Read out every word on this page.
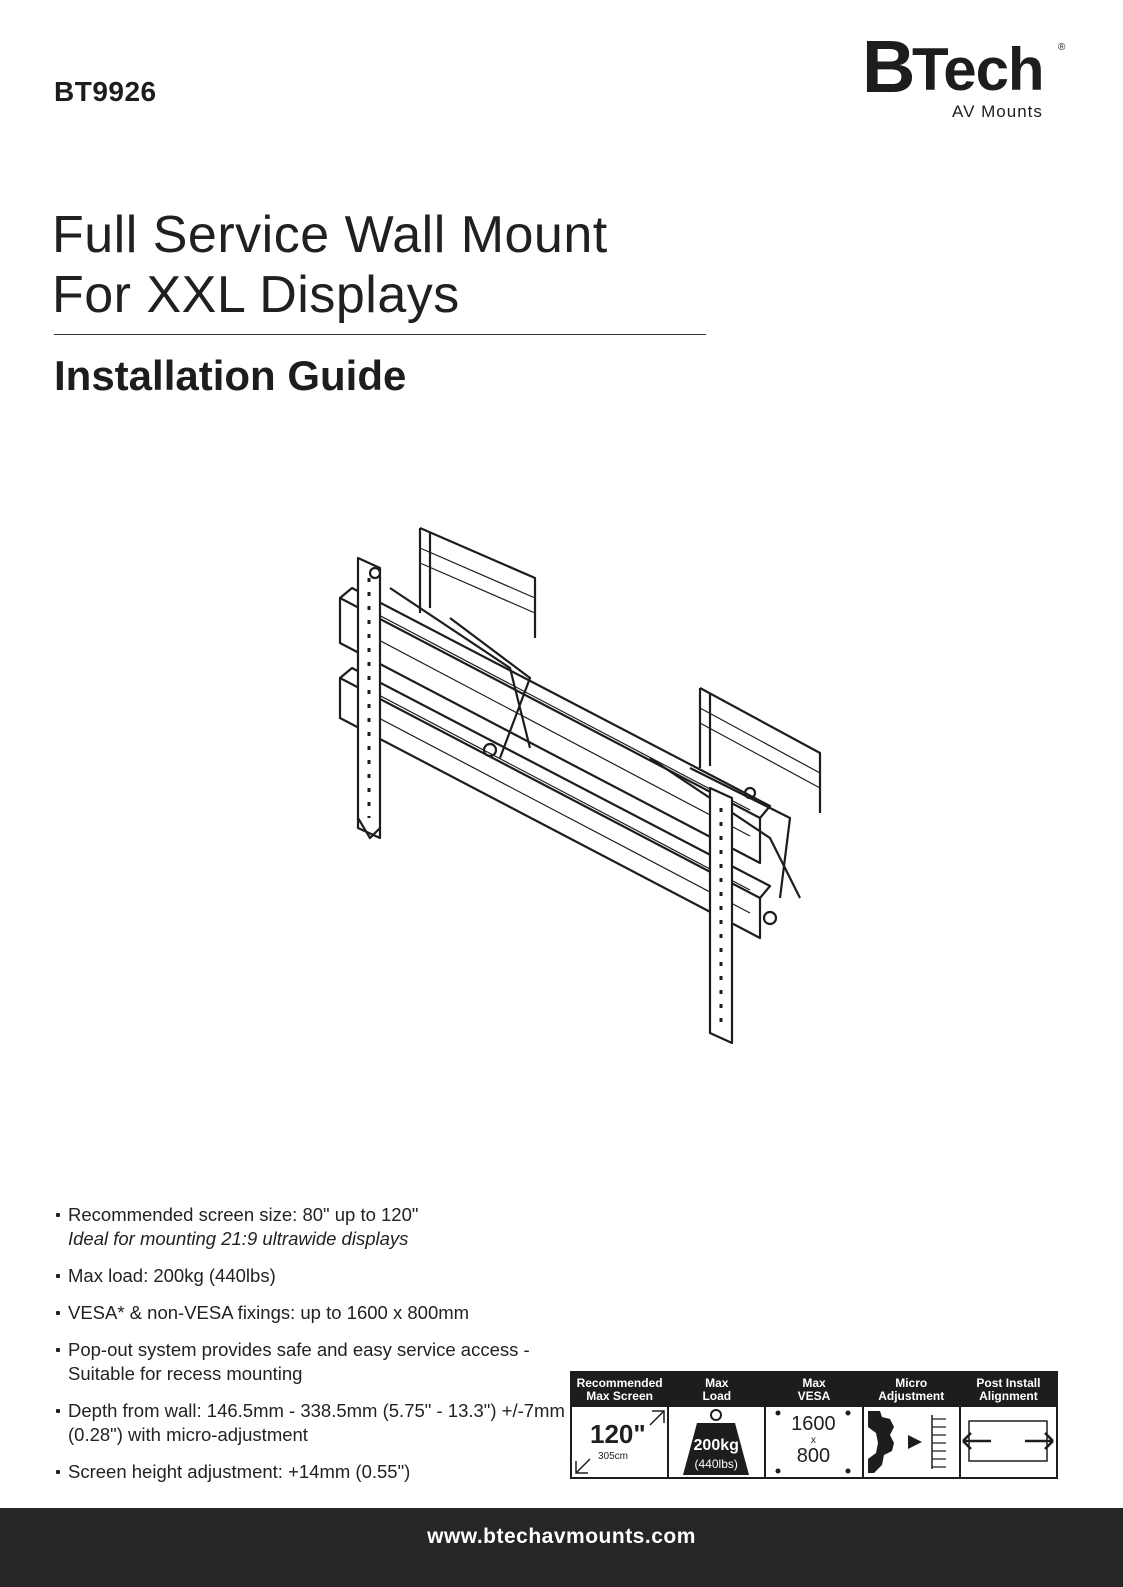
BT9926	B Tech ®
AV Mounts
Full Service Wall Mount
For XXL Displays
Installation Guide
Recommended screen size: 80" up to 120"
Ideal for mounting 21:9 ultrawide displays
Max load: 200kg (440lbs)
VESA* & non-VESA fixings: up to 1600 x 800mm
Pop-out system provides safe and easy service access - Suitable for recess mounting
Depth from wall: 146.5mm - 338.5mm (5.75" - 13.3") +/-7mm (0.28") with micro-adjustment
Screen height adjustment: +14mm (0.55")
Recommended
Max Screen
120"
305cm
Max
Load
200kg
(440lbs)
Max
VESA
1600
x
800
Micro
Adjustment
Post Install
Alignment
www.btechavmounts.com
